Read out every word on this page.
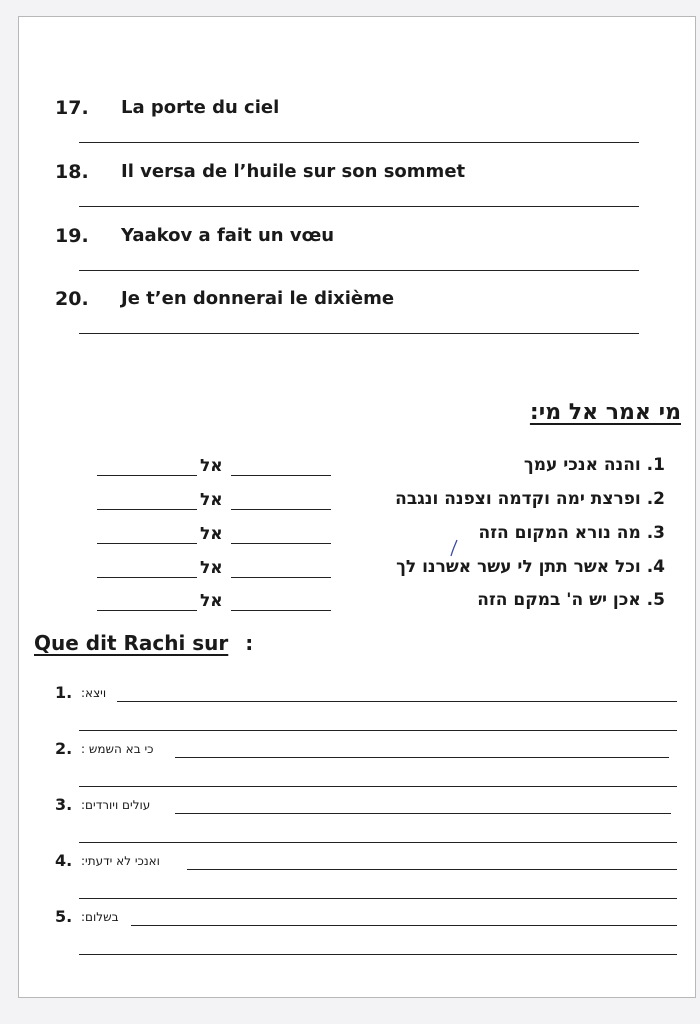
17. La porte du ciel
18. Il versa de l’huile sur son sommet
19. Yaakov a fait un vœu
20. Je t’en donnerai le dixième
מי אמר אל מי:
אל	1. והנה אנכי עמך
אל	2. ופרצת ימה וקדמה וצפנה ונגבה
אל	3. מה נורא המקום הזה
אל	4. וכל אשר תתן לי עשר אשרנו לך
אל	5. אכן יש ה' במקם הזה
Que dit Rachi sur :
1. ויצא:
2. כי בא השמש :
3. עולים ויורדים:
4. ואנכי לא ידעתי:
5. בשלום:
